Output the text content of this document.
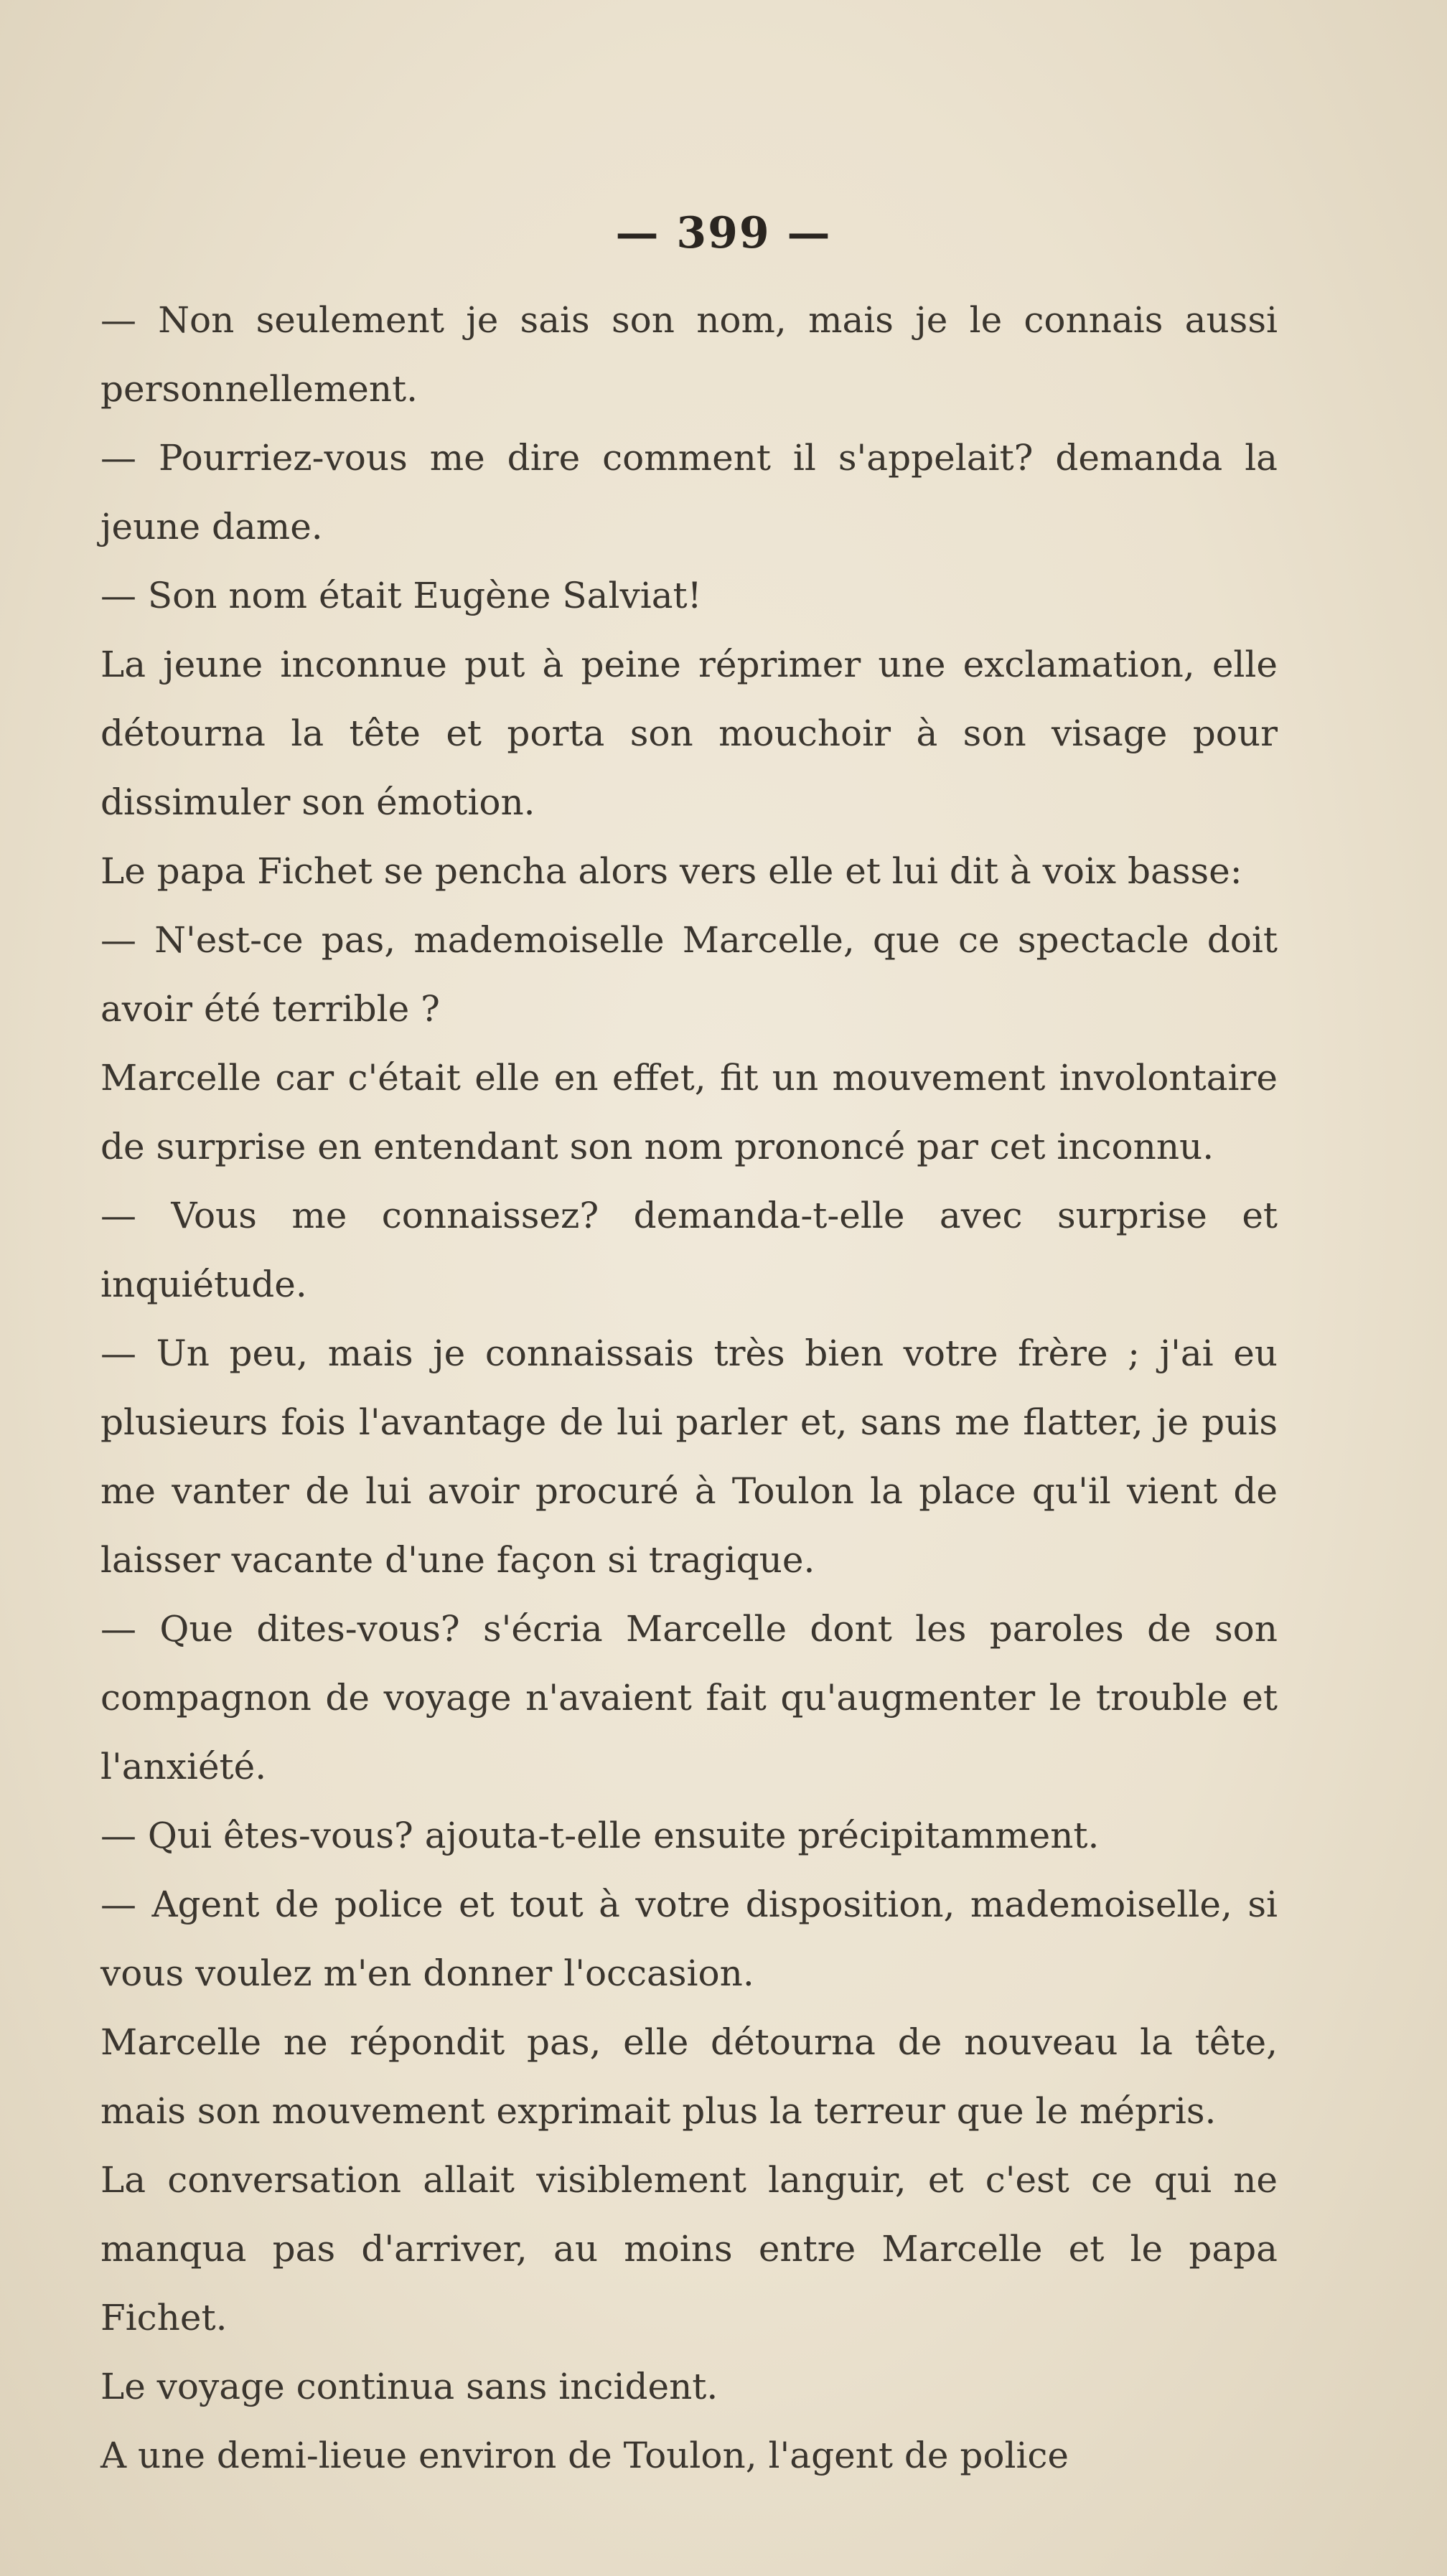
— 399 —

— Non seulement je sais son nom, mais je le connais aussi personnellement.

— Pourriez-vous me dire comment il s'appelait? demanda la jeune dame.

— Son nom était Eugène Salviat!

La jeune inconnue put à peine réprimer une exclamation, elle détourna la tête et porta son mouchoir à son visage pour dissimuler son émotion.

Le papa Fichet se pencha alors vers elle et lui dit à voix basse:

— N'est-ce pas, mademoiselle Marcelle, que ce spectacle doit avoir été terrible ?

Marcelle car c'était elle en effet, fit un mouvement involontaire de surprise en entendant son nom prononcé par cet inconnu.

— Vous me connaissez? demanda-t-elle avec surprise et inquiétude.

— Un peu, mais je connaissais très bien votre frère ; j'ai eu plusieurs fois l'avantage de lui parler et, sans me flatter, je puis me vanter de lui avoir procuré à Toulon la place qu'il vient de laisser vacante d'une façon si tragique.

— Que dites-vous? s'écria Marcelle dont les paroles de son compagnon de voyage n'avaient fait qu'augmenter le trouble et l'anxiété.

— Qui êtes-vous? ajouta-t-elle ensuite précipitamment.

— Agent de police et tout à votre disposition, mademoiselle, si vous voulez m'en donner l'occasion.

Marcelle ne répondit pas, elle détourna de nouveau la tête, mais son mouvement exprimait plus la terreur que le mépris.

La conversation allait visiblement languir, et c'est ce qui ne manqua pas d'arriver, au moins entre Marcelle et le papa Fichet.

Le voyage continua sans incident.

A une demi-lieue environ de Toulon, l'agent de police
